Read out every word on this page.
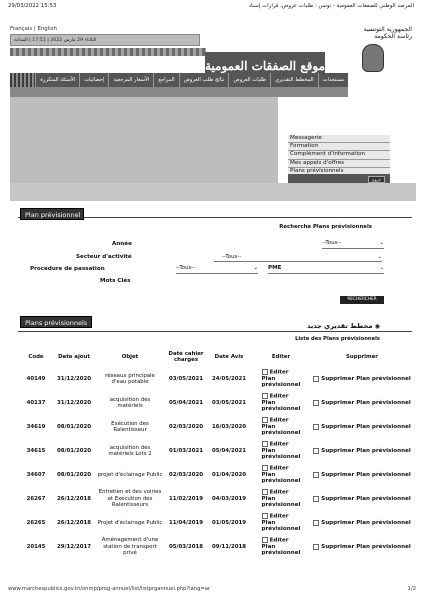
29/03/2022 15:53	المرصد الوطني للصفقات العمومية - تونس : طلبات عروض، قرارات إسناد
Français | English
الثلاثاء 29 مارس 2022 | 17:51 | الساعة
الجمهورية التونسية
رئاسة الحكومة
موقع الصفقات العمومية
مستجدات
المخطط التقديري
طلبات العروض
نتائج طلب العروض
المراجع
الأسعار المرجعية
إحصائيات
الأسئلة المتكررة
⌂
Messagerie
Formation
Complément d'information
Mes appels d'offres
Plans prévisionnels
خروج
Plan prévisionnel
Recherche Plans prévisionnels
Année	--Tous--	⌄
Secteur d'activité	--Tous--	⌄
Procédure de passation	--Tous--	⌄ PME	⌄
Mots Clés
RECHERCHER
Plans prévisionnels	مخطط تقديري جديد ◉
Liste des Plans prévisionnels
Code	Date ajout	Objet	Date cahier charges	Date Avis	Editer	Supprimer
40149	31/12/2020	réseaux principale d'eau potable	03/05/2021	24/05/2021	Editer
Plan
prévisionnel	Supprimer Plan prévisionnel
40137	31/12/2020	acquisition des matériels	05/04/2021	03/05/2021	Editer
Plan
prévisionnel	Supprimer Plan prévisionnel
34619	08/01/2020	Exécution des Ralentisseur	02/03/2020	16/03/2020	Editer
Plan
prévisionnel	Supprimer Plan prévisionnel
34615	08/01/2020	acquisition des matériels Lots 2	01/03/2021	05/04/2021	Editer
Plan
prévisionnel	Supprimer Plan prévisionnel
34607	08/01/2020	projet d'éclairage Public	02/03/2020	01/04/2020	Editer
Plan
prévisionnel	Supprimer Plan prévisionnel
26267	26/12/2018	Entretien et des voiries et Exécution des Ralentisseurs	11/02/2019	04/03/2019	Editer
Plan
prévisionnel	Supprimer Plan prévisionnel
26265	26/12/2018	Projet d'éclairage Public	11/04/2019	01/05/2019	Editer
Plan
prévisionnel	Supprimer Plan prévisionnel
20145	29/12/2017	Aménagement d'une station de transport privé	05/03/2018	09/11/2018	Editer
Plan
prévisionnel	Supprimer Plan prévisionnel
www.marchespublics.gov.tn/onmp/prog-annuel/list/listprgannuel.php?lang=ar	1/2
